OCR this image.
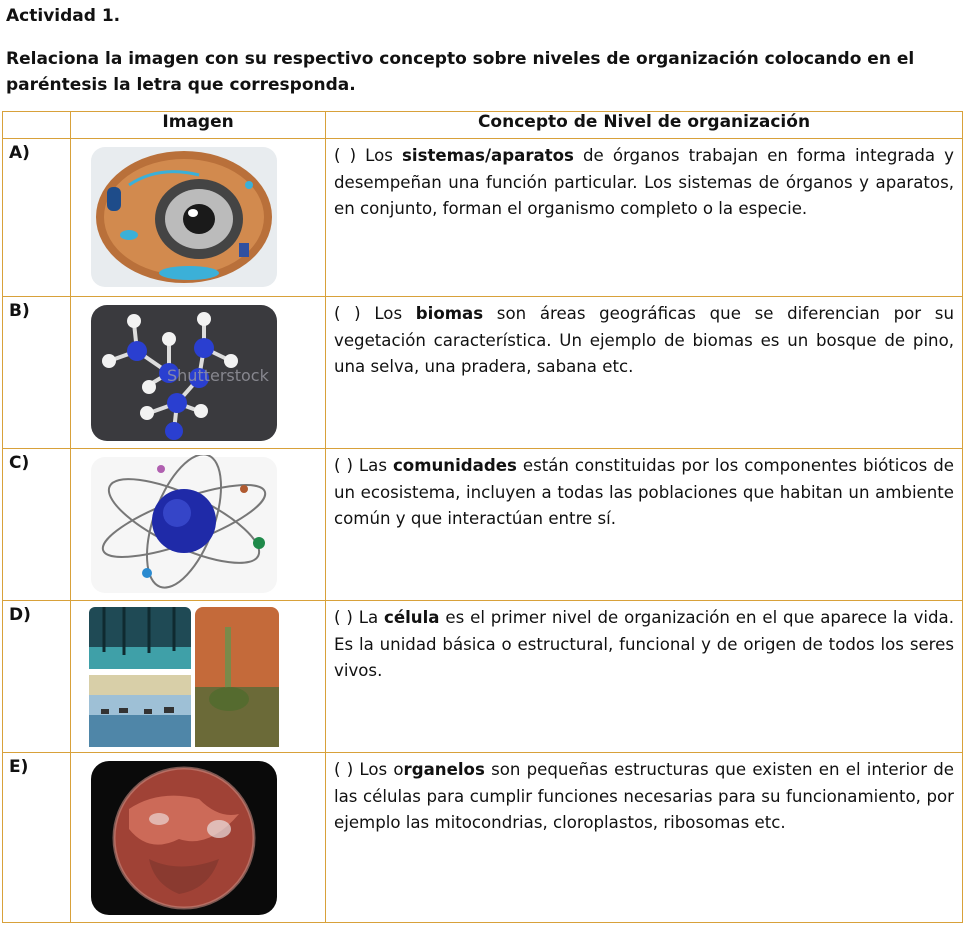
Actividad 1.
Relaciona la imagen con su respectivo concepto sobre niveles de organización colocando en el paréntesis la letra que corresponda.
	Imagen	Concepto de Nivel de organización
A)		( ) Los sistemas/aparatos de órganos trabajan en forma integrada y desempeñan una función particular. Los sistemas de órganos y aparatos, en conjunto, forman el organismo completo o la especie.
B)	Shutterstock	( ) Los biomas son áreas geográficas que se diferencian por su vegetación característica. Un ejemplo de biomas es un bosque de pino, una selva, una pradera, sabana etc.
C)		( ) Las comunidades están constituidas por los componentes bióticos de un ecosistema, incluyen a todas las poblaciones que habitan un ambiente común y que interactúan entre sí.
D)		( ) La célula es el primer nivel de organización en el que aparece la vida. Es la unidad básica o estructural, funcional y de origen de todos los seres vivos.
E)		( ) Los organelos son pequeñas estructuras que existen en el interior de las células para cumplir funciones necesarias para su funcionamiento, por ejemplo las mitocondrias, cloroplastos, ribosomas etc.
